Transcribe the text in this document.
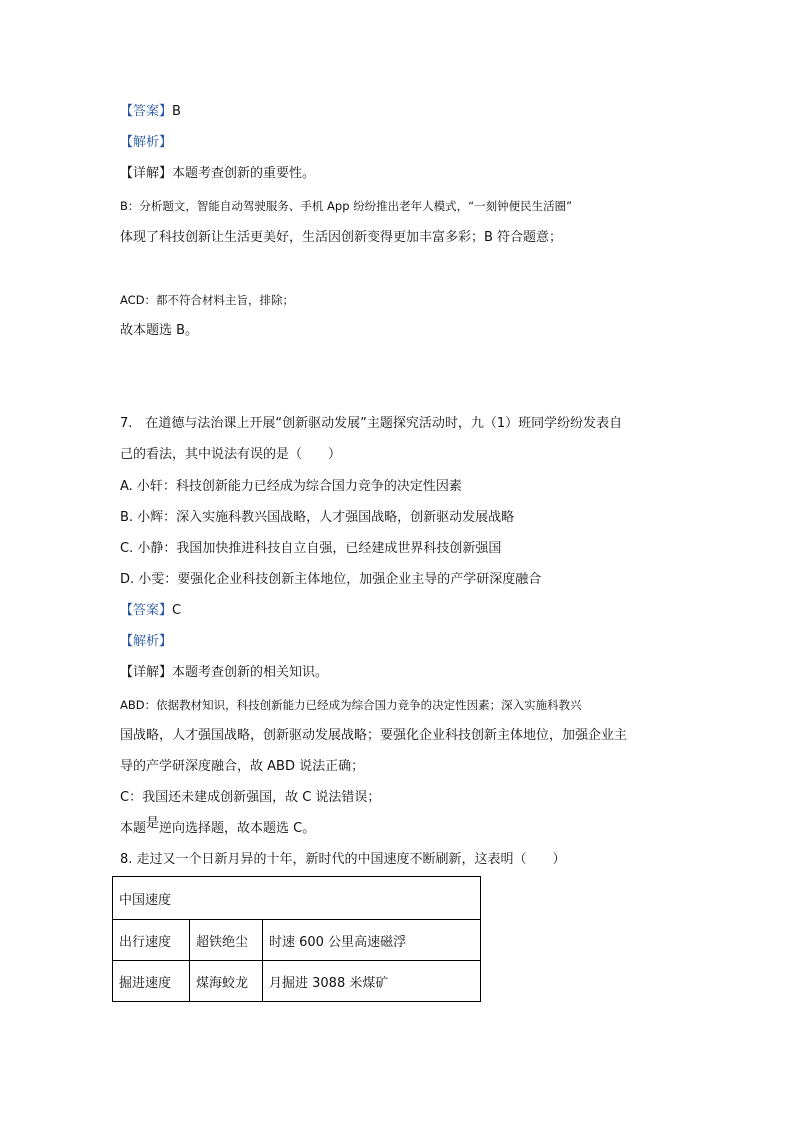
【答案】B
【解析】
【详解】本题考查创新的重要性。
B：分析题文，智能自动驾驶服务、手机 App 纷纷推出老年人模式，“一刻钟便民生活圈”
体现了科技创新让生活更美好，生活因创新变得更加丰富多彩；B 符合题意；
ACD：都不符合材料主旨，排除；
故本题选 B。
7.　在道德与法治课上开展“创新驱动发展”主题探究活动时，九（1）班同学纷纷发表自
己的看法，其中说法有误的是（　　）
A. 小轩：科技创新能力已经成为综合国力竞争的决定性因素
B. 小辉：深入实施科教兴国战略，人才强国战略，创新驱动发展战略
C. 小静：我国加快推进科技自立自强，已经建成世界科技创新强国
D. 小雯：要强化企业科技创新主体地位，加强企业主导的产学研深度融合
【答案】C
【解析】
【详解】本题考查创新的相关知识。
ABD：依据教材知识，科技创新能力已经成为综合国力竞争的决定性因素；深入实施科教兴
国战略，人才强国战略，创新驱动发展战略；要强化企业科技创新主体地位，加强企业主
导的产学研深度融合，故 ABD 说法正确；
C：我国还未建成创新强国，故 C 说法错误；
本题是逆向选择题，故本题选 C。
8. 走过又一个日新月异的十年，新时代的中国速度不断刷新，这表明（　　）
中国速度		
出行速度	超铁绝尘	时速 600 公里高速磁浮
掘进速度	煤海蛟龙	月掘进 3088 米煤矿
